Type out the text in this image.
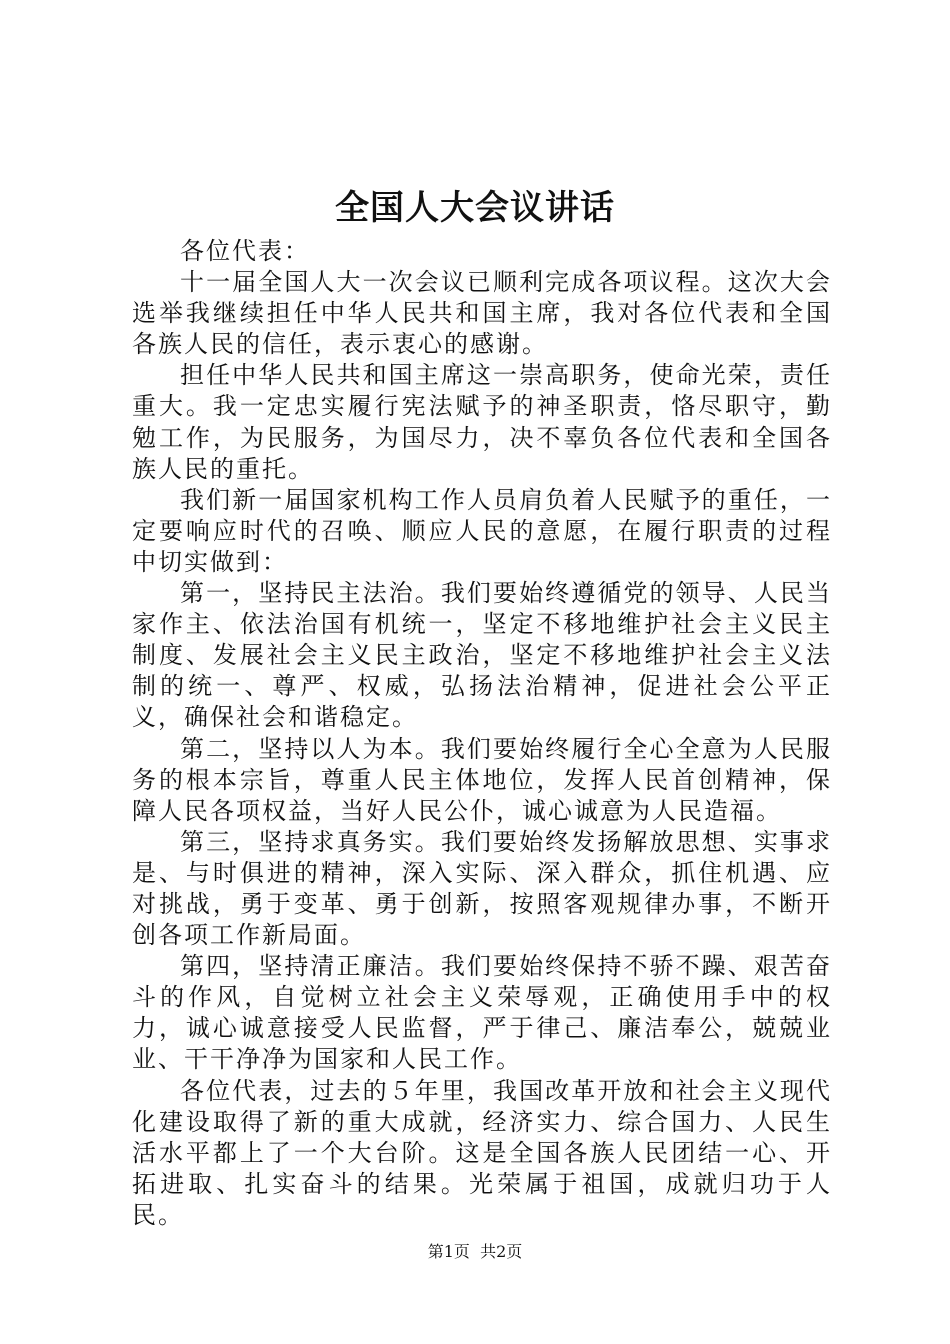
全国人大会议讲话

各位代表：

十一届全国人大一次会议已顺利完成各项议程。这次大会选举我继续担任中华人民共和国主席，我对各位代表和全国各族人民的信任，表示衷心的感谢。

担任中华人民共和国主席这一崇高职务，使命光荣，责任重大。我一定忠实履行宪法赋予的神圣职责，恪尽职守，勤勉工作，为民服务，为国尽力，决不辜负各位代表和全国各族人民的重托。

我们新一届国家机构工作人员肩负着人民赋予的重任，一定要响应时代的召唤、顺应人民的意愿，在履行职责的过程中切实做到：

第一，坚持民主法治。我们要始终遵循党的领导、人民当家作主、依法治国有机统一，坚定不移地维护社会主义民主制度、发展社会主义民主政治，坚定不移地维护社会主义法制的统一、尊严、权威，弘扬法治精神，促进社会公平正义，确保社会和谐稳定。

第二，坚持以人为本。我们要始终履行全心全意为人民服务的根本宗旨，尊重人民主体地位，发挥人民首创精神，保障人民各项权益，当好人民公仆，诚心诚意为人民造福。

第三，坚持求真务实。我们要始终发扬解放思想、实事求是、与时俱进的精神，深入实际、深入群众，抓住机遇、应对挑战，勇于变革、勇于创新，按照客观规律办事，不断开创各项工作新局面。

第四，坚持清正廉洁。我们要始终保持不骄不躁、艰苦奋斗的作风，自觉树立社会主义荣辱观，正确使用手中的权力，诚心诚意接受人民监督，严于律己、廉洁奉公，兢兢业业、干干净净为国家和人民工作。

各位代表，过去的５年里，我国改革开放和社会主义现代化建设取得了新的重大成就，经济实力、综合国力、人民生活水平都上了一个大台阶。这是全国各族人民团结一心、开拓进取、扎实奋斗的结果。光荣属于祖国，成就归功于人民。

第1页  共2页
